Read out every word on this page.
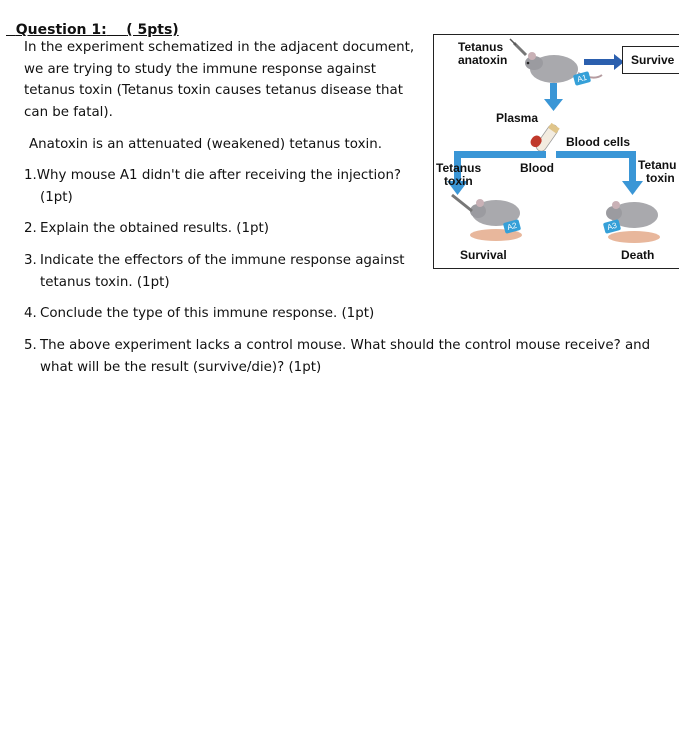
Question 1: ( 5pts)

In the experiment schematized in the adjacent document,
we are trying to study the immune response against
tetanus toxin (Tetanus toxin causes tetanus disease that
can be fatal).
Anatoxin is an attenuated (weakened) tetanus toxin.
1.Why mouse A1 didn't die after receiving the injection?
(1pt)
2. Explain the obtained results. (1pt)
3. Indicate the effectors of the immune response against
tetanus toxin. (1pt)
4. Conclude the type of this immune response. (1pt)
5. The above experiment lacks a control mouse. What should the control mouse receive? and
what will be the result (survive/die)? (1pt)
Tetanus
anatoxin	Survive
A1
Plasma
Blood cells
Blood
Tetanus
toxin
Tetanu
toxin
A2	A3
Survival	Death
